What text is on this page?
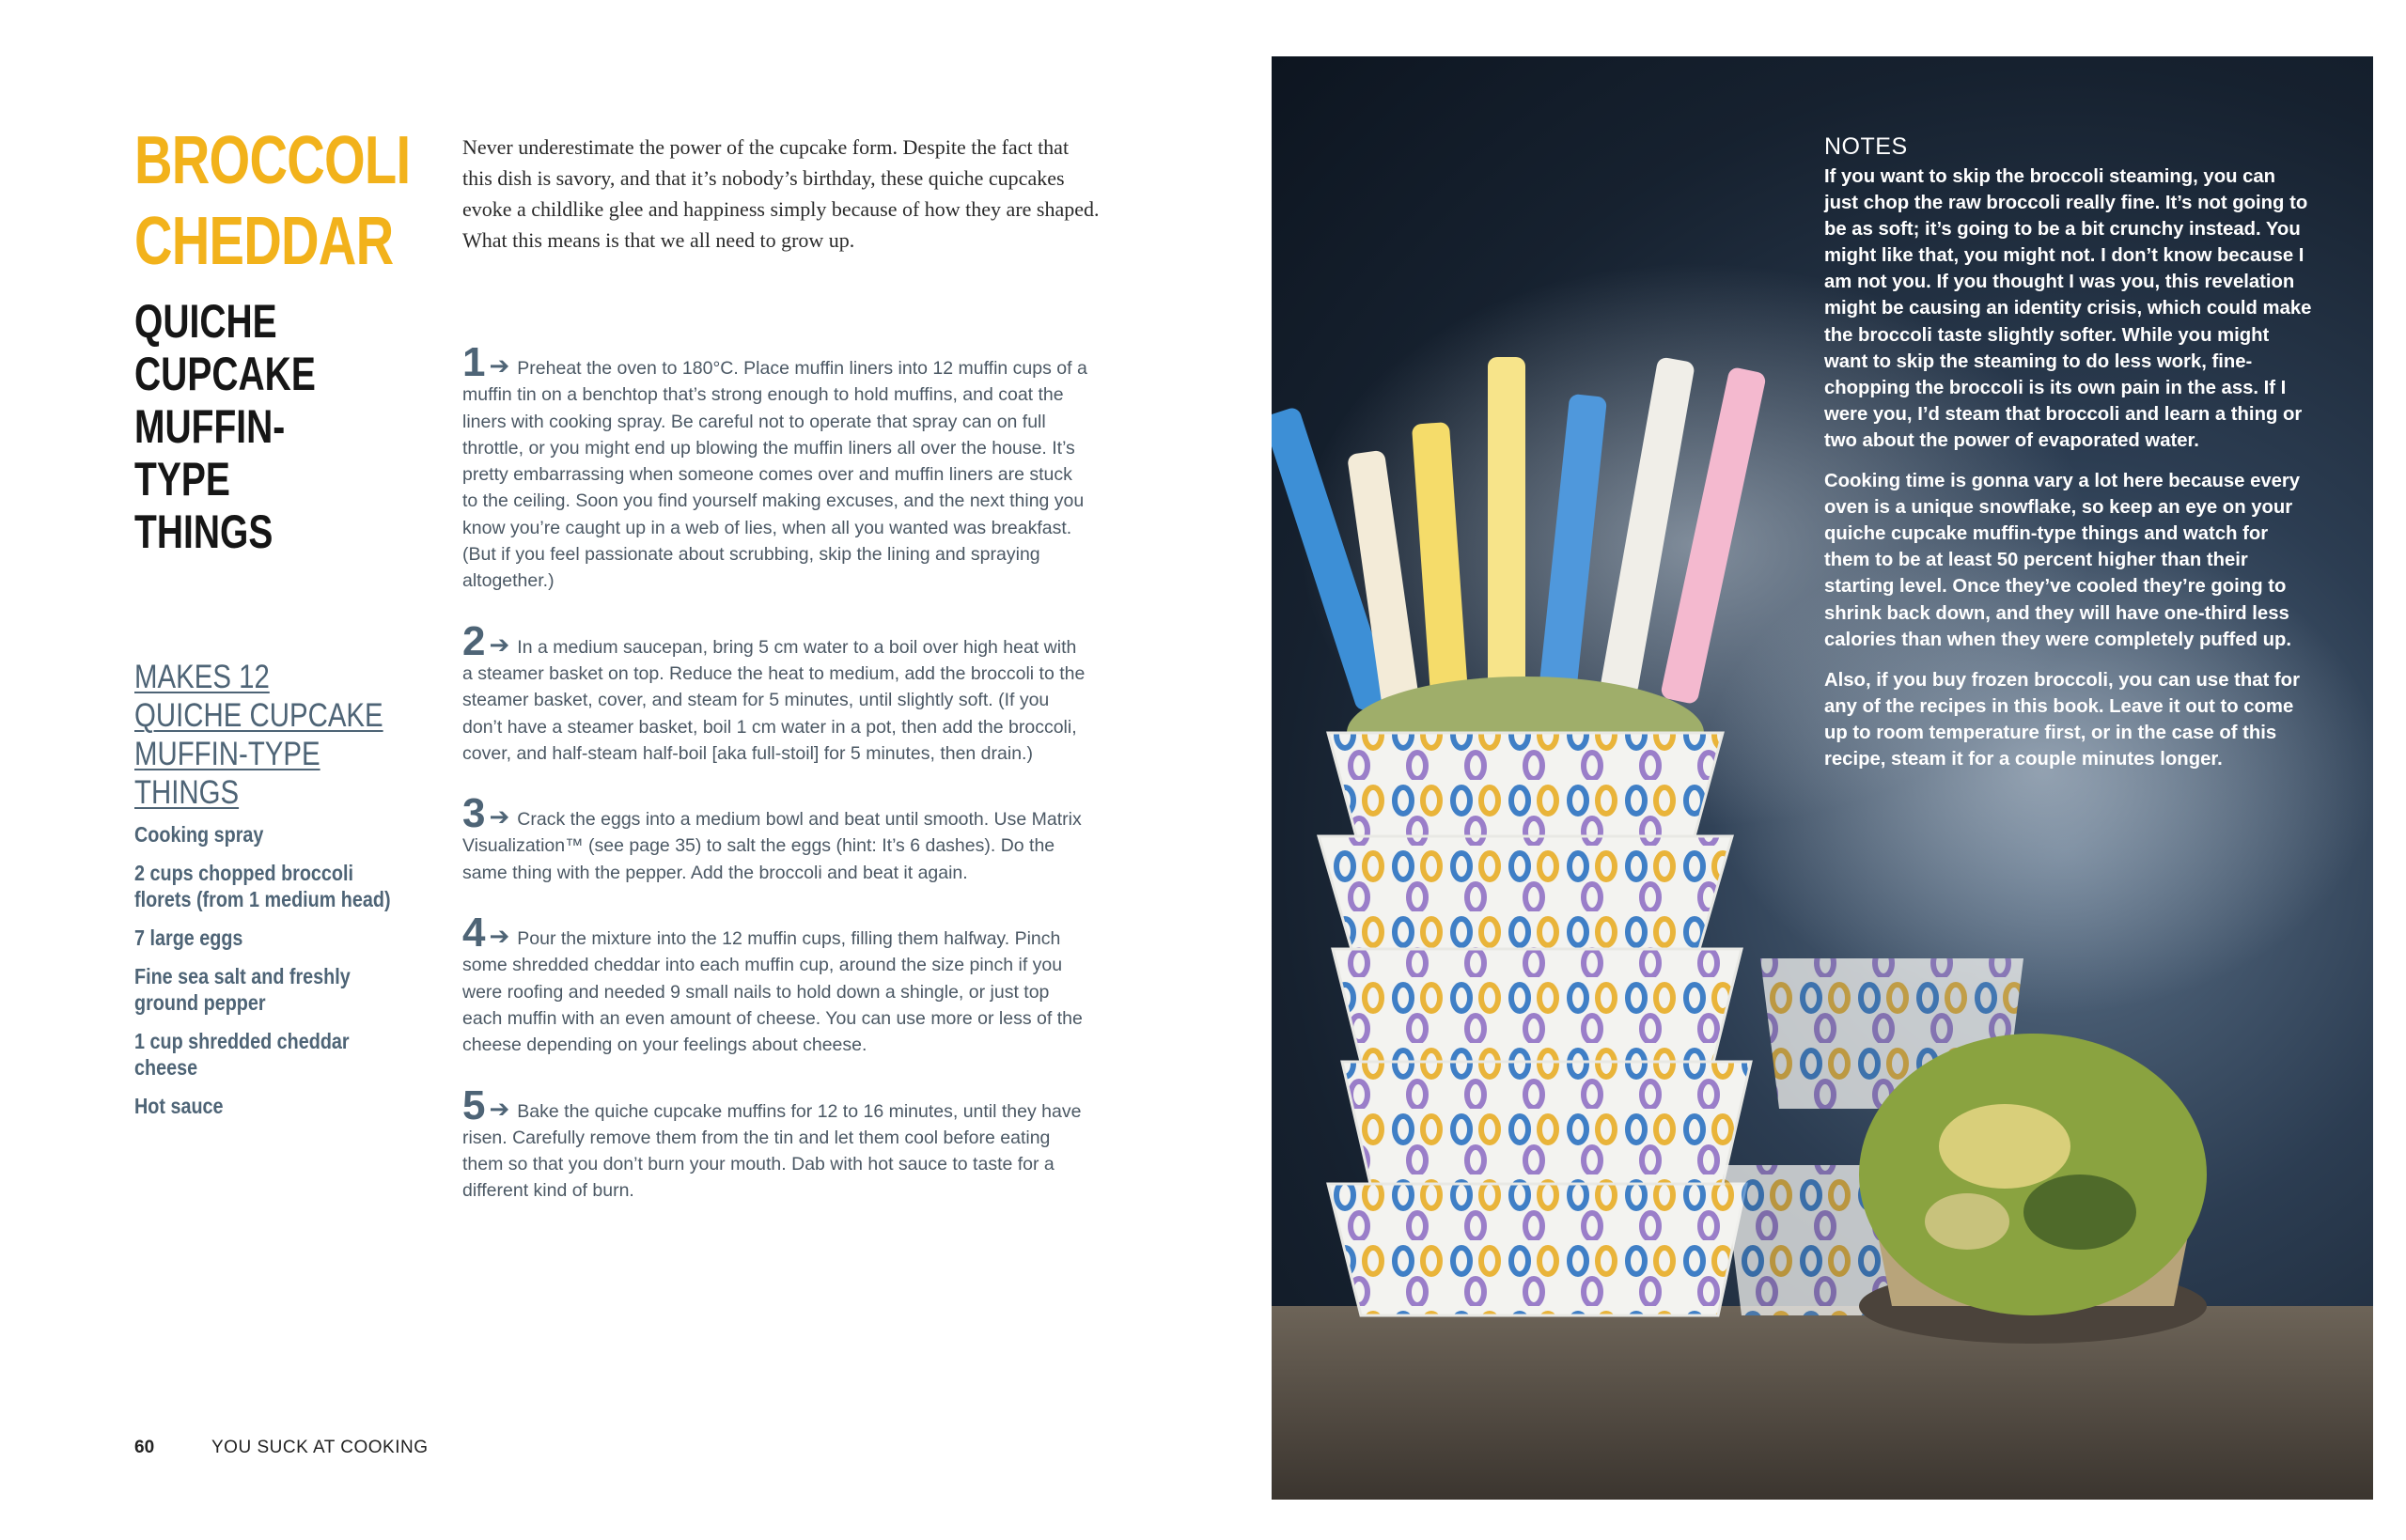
BROCCOLI
CHEDDAR
QUICHE CUPCAKE
MUFFIN-TYPE
THINGS
MAKES 12
QUICHE CUPCAKE
MUFFIN-TYPE THINGS
Cooking spray
2 cups chopped broccoli florets (from 1 medium head)
7 large eggs
Fine sea salt and freshly ground pepper
1 cup shredded cheddar cheese
Hot sauce

Never underestimate the power of the cupcake form. Despite the fact that this dish is savory, and that it’s nobody’s birthday, these quiche cupcakes evoke a childlike glee and happiness simply because of how they are shaped. What this means is that we all need to grow up.

1 ➔ Preheat the oven to 180°C. Place muffin liners into 12 muffin cups of a muffin tin on a benchtop that’s strong enough to hold muffins, and coat the liners with cooking spray. Be careful not to operate that spray can on full throttle, or you might end up blowing the muffin liners all over the house. It’s pretty embarrassing when someone comes over and muffin liners are stuck to the ceiling. Soon you find yourself making excuses, and the next thing you know you’re caught up in a web of lies, when all you wanted was breakfast. (But if you feel passionate about scrubbing, skip the lining and spraying altogether.)

2 ➔ In a medium saucepan, bring 5 cm water to a boil over high heat with a steamer basket on top. Reduce the heat to medium, add the broccoli to the steamer basket, cover, and steam for 5 minutes, until slightly soft. (If you don’t have a steamer basket, boil 1 cm water in a pot, then add the broccoli, cover, and half-steam half-boil [aka full-stoil] for 5 minutes, then drain.)

3 ➔ Crack the eggs into a medium bowl and beat until smooth. Use Matrix Visualization™ (see page 35) to salt the eggs (hint: It’s 6 dashes). Do the same thing with the pepper. Add the broccoli and beat it again.

4 ➔ Pour the mixture into the 12 muffin cups, filling them halfway. Pinch some shredded cheddar into each muffin cup, around the size pinch if you were roofing and needed 9 small nails to hold down a shingle, or just top each muffin with an even amount of cheese. You can use more or less of the cheese depending on your feelings about cheese.

5 ➔ Bake the quiche cupcake muffins for 12 to 16 minutes, until they have risen. Carefully remove them from the tin and let them cool before eating them so that you don’t burn your mouth. Dab with hot sauce to taste for a different kind of burn.

60	YOU SUCK AT COOKING
NOTES

If you want to skip the broccoli steaming, you can just chop the raw broccoli really fine. It’s not going to be as soft; it’s going to be a bit crunchy instead. You might like that, you might not. I don’t know because I am not you. If you thought I was you, this revelation might be causing an identity crisis, which could make the broccoli taste slightly softer. While you might want to skip the steaming to do less work, fine-chopping the broccoli is its own pain in the ass. If I were you, I’d steam that broccoli and learn a thing or two about the power of evaporated water.

Cooking time is gonna vary a lot here because every oven is a unique snowflake, so keep an eye on your quiche cupcake muffin-type things and watch for them to be at least 50 percent higher than their starting level. Once they’ve cooled they’re going to shrink back down, and they will have one-third less calories than when they were completely puffed up.

Also, if you buy frozen broccoli, you can use that for any of the recipes in this book. Leave it out to come up to room temperature first, or in the case of this recipe, steam it for a couple minutes longer.
